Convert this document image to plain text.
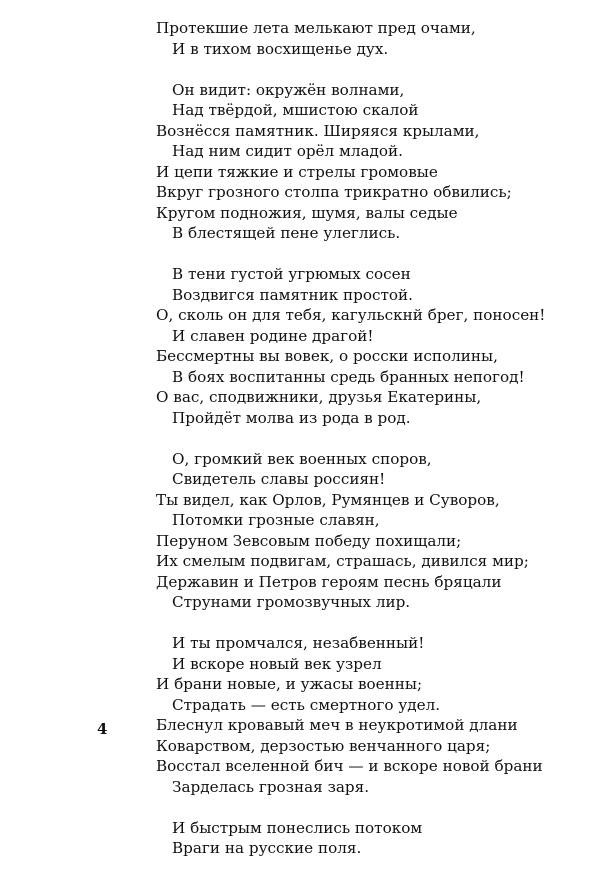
Протекшие лета мелькают пред очами,
И в тихом восхищенье дух.
Он видит: окружён волнами,
Над твёрдой, мшистою скалой
Вознёсся памятник. Ширяяся крылами,
Над ним сидит орёл младой.
И цепи тяжкие и стрелы громовые
Вкруг грозного столпа трикратно обвились;
Кругом подножия, шумя, валы седые
В блестящей пене улеглись.
В тени густой угрюмых сосен
Воздвигся памятник простой.
О, сколь он для тебя, кагульскнй брег, поносен!
И славен родине драгой!
Бессмертны вы вовек, о росски исполины,
В боях воспитанны средь бранных непогод!
О вас, сподвижники, друзья Екатерины,
Пройдёт молва из рода в род.
О, громкий век военных споров,
Свидетель славы россиян!
Ты видел, как Орлов, Румянцев и Суворов,
Потомки грозные славян,
Перуном Зевсовым победу похищали;
Их смелым подвигам, страшась, дивился мир;
Державин и Петров героям песнь бряцали
Струнами громозвучных лир.
И ты промчался, незабвенный!
И вскоре новый век узрел
И брани новые, и ужасы военны;
Страдать — есть смертного удел.
Блеснул кровавый меч в неукротимой длани
Коварством, дерзостью венчанного царя;
Восстал вселенной бич — и вскоре новой брани
Зарделась грозная заря.
И быстрым понеслись потоком
Враги на русские поля.
4
